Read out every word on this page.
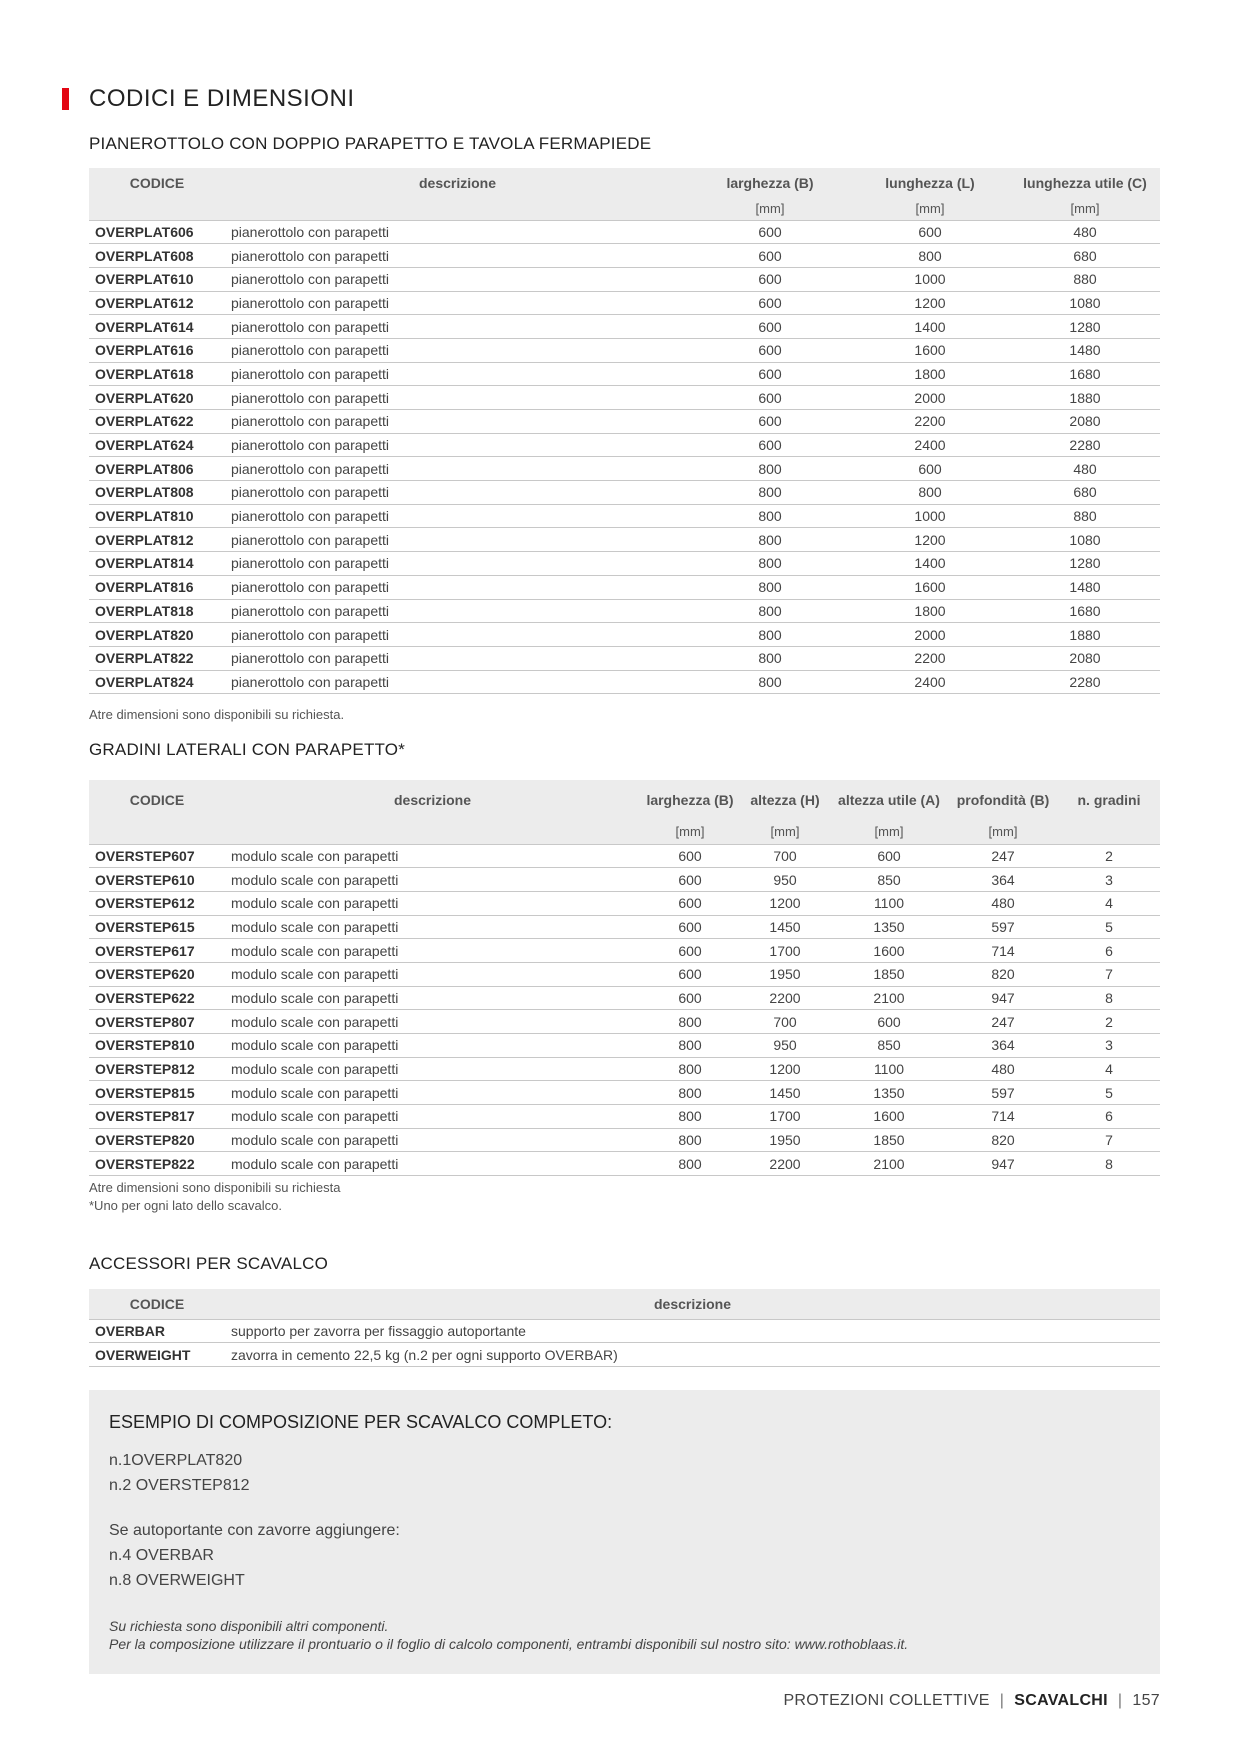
CODICI E DIMENSIONI
PIANEROTTOLO CON DOPPIO PARAPETTO E TAVOLA FERMAPIEDE
CODICE	descrizione	larghezza (B)	lunghezza (L)	lunghezza utile (C)
		[mm]	[mm]	[mm]
OVERPLAT606	pianerottolo con parapetti	600	600	480
OVERPLAT608	pianerottolo con parapetti	600	800	680
OVERPLAT610	pianerottolo con parapetti	600	1000	880
OVERPLAT612	pianerottolo con parapetti	600	1200	1080
OVERPLAT614	pianerottolo con parapetti	600	1400	1280
OVERPLAT616	pianerottolo con parapetti	600	1600	1480
OVERPLAT618	pianerottolo con parapetti	600	1800	1680
OVERPLAT620	pianerottolo con parapetti	600	2000	1880
OVERPLAT622	pianerottolo con parapetti	600	2200	2080
OVERPLAT624	pianerottolo con parapetti	600	2400	2280
OVERPLAT806	pianerottolo con parapetti	800	600	480
OVERPLAT808	pianerottolo con parapetti	800	800	680
OVERPLAT810	pianerottolo con parapetti	800	1000	880
OVERPLAT812	pianerottolo con parapetti	800	1200	1080
OVERPLAT814	pianerottolo con parapetti	800	1400	1280
OVERPLAT816	pianerottolo con parapetti	800	1600	1480
OVERPLAT818	pianerottolo con parapetti	800	1800	1680
OVERPLAT820	pianerottolo con parapetti	800	2000	1880
OVERPLAT822	pianerottolo con parapetti	800	2200	2080
OVERPLAT824	pianerottolo con parapetti	800	2400	2280
Atre dimensioni sono disponibili su richiesta.
GRADINI LATERALI CON PARAPETTO*
CODICE	descrizione	larghezza (B)	altezza (H)	altezza utile (A)	profondità (B)	n. gradini
		[mm]	[mm]	[mm]	[mm]	
OVERSTEP607	modulo scale con parapetti	600	700	600	247	2
OVERSTEP610	modulo scale con parapetti	600	950	850	364	3
OVERSTEP612	modulo scale con parapetti	600	1200	1100	480	4
OVERSTEP615	modulo scale con parapetti	600	1450	1350	597	5
OVERSTEP617	modulo scale con parapetti	600	1700	1600	714	6
OVERSTEP620	modulo scale con parapetti	600	1950	1850	820	7
OVERSTEP622	modulo scale con parapetti	600	2200	2100	947	8
OVERSTEP807	modulo scale con parapetti	800	700	600	247	2
OVERSTEP810	modulo scale con parapetti	800	950	850	364	3
OVERSTEP812	modulo scale con parapetti	800	1200	1100	480	4
OVERSTEP815	modulo scale con parapetti	800	1450	1350	597	5
OVERSTEP817	modulo scale con parapetti	800	1700	1600	714	6
OVERSTEP820	modulo scale con parapetti	800	1950	1850	820	7
OVERSTEP822	modulo scale con parapetti	800	2200	2100	947	8
Atre dimensioni sono disponibili su richiesta
*Uno per ogni lato dello scavalco.
ACCESSORI PER SCAVALCO
CODICE	descrizione
OVERBAR	supporto per zavorra per fissaggio autoportante
OVERWEIGHT	zavorra in cemento 22,5 kg (n.2 per ogni supporto OVERBAR)
ESEMPIO DI COMPOSIZIONE PER SCAVALCO COMPLETO:
n.1OVERPLAT820
n.2 OVERSTEP812
Se autoportante con zavorre aggiungere:
n.4 OVERBAR
n.8 OVERWEIGHT
Su richiesta sono disponibili altri componenti.
Per la composizione utilizzare il prontuario o il foglio di calcolo componenti, entrambi disponibili sul nostro sito: www.rothoblaas.it.
PROTEZIONI COLLETTIVE | SCAVALCHI | 157
